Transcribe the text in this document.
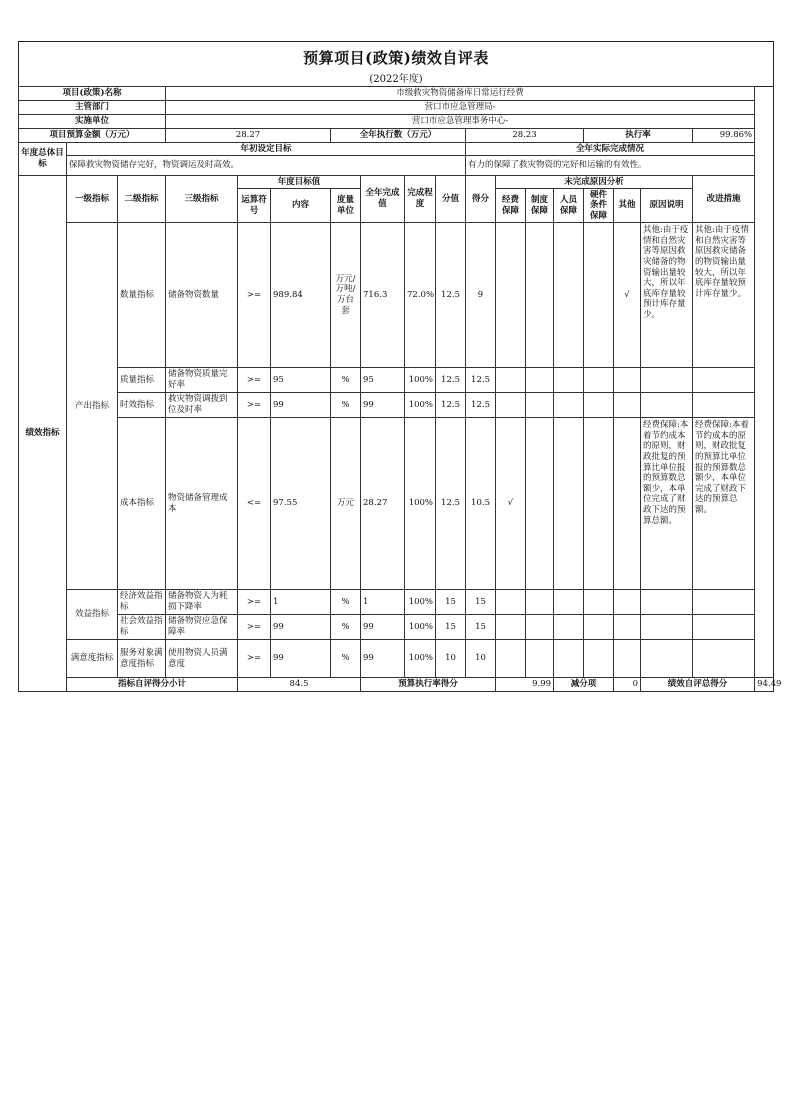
预算项目(政策)绩效自评表
(2022年度)
项目(政策)名称			市级救灾物资储备库日常运行经费															
主管部门			营口市应急管理局-															
实施单位			营口市应急管理事务中心-															
项目预算金额（万元）			28.27			全年执行数（万元）				28.23				执行率			99.86%	
年度总体目标	年初设定目标									全年实际完成情况								
	保障救灾物资储存完好，物资调运及时高效。									有力的保障了救灾物资的完好和运输的有效性。								
绩效指标	一级指标	二级指标	三级指标	年度目标值			全年完成值	完成程度	分值	得分	未完成原因分析						改进措施	
				运算符号	内容	度量单位					经费保障	制度保障	人员保障	硬件条件保障	其他	原因说明		
	产出指标	数量指标	储备物资数量	>=	989.84	万元/万吨/万台套	716.3	72.0%	12.5	9					√	其他:由于疫情和自然灾害等原因救灾储备的物资输出量较大，所以年底库存量较预计库存量少。	其他:由于疫情和自然灾害等原因救灾储备的物资输出量较大，所以年底库存量较预计库存量少。	
		质量指标	储备物资质量完好率	>=	95	%	95	100%	12.5	12.5								
		时效指标	救灾物资调拨到位及时率	>=	99	%	99	100%	12.5	12.5								
		成本指标	物资储备管理成本	<=	97.55	万元	28.27	100%	12.5	10.5	√					经费保障:本着节约成本的原则，财政批复的预算比单位报的预算数总额少，本单位完成了财政下达的预算总额。	经费保障:本着节约成本的原则，财政批复的预算比单位报的预算数总额少，本单位完成了财政下达的预算总额。	
	效益指标	经济效益指标	储备物资人为耗损下降率	>=	1	%	1	100%	15	15								
		社会效益指标	储备物资应急保障率	>=	99	%	99	100%	15	15								
	满意度指标	服务对象满意度指标	使用物资人员满意度	>=	99	%	99	100%	10	10								
	指标自评得分小计			84.5			预算执行率得分				9.99		减分项		0	绩效自评总得分		94.49
